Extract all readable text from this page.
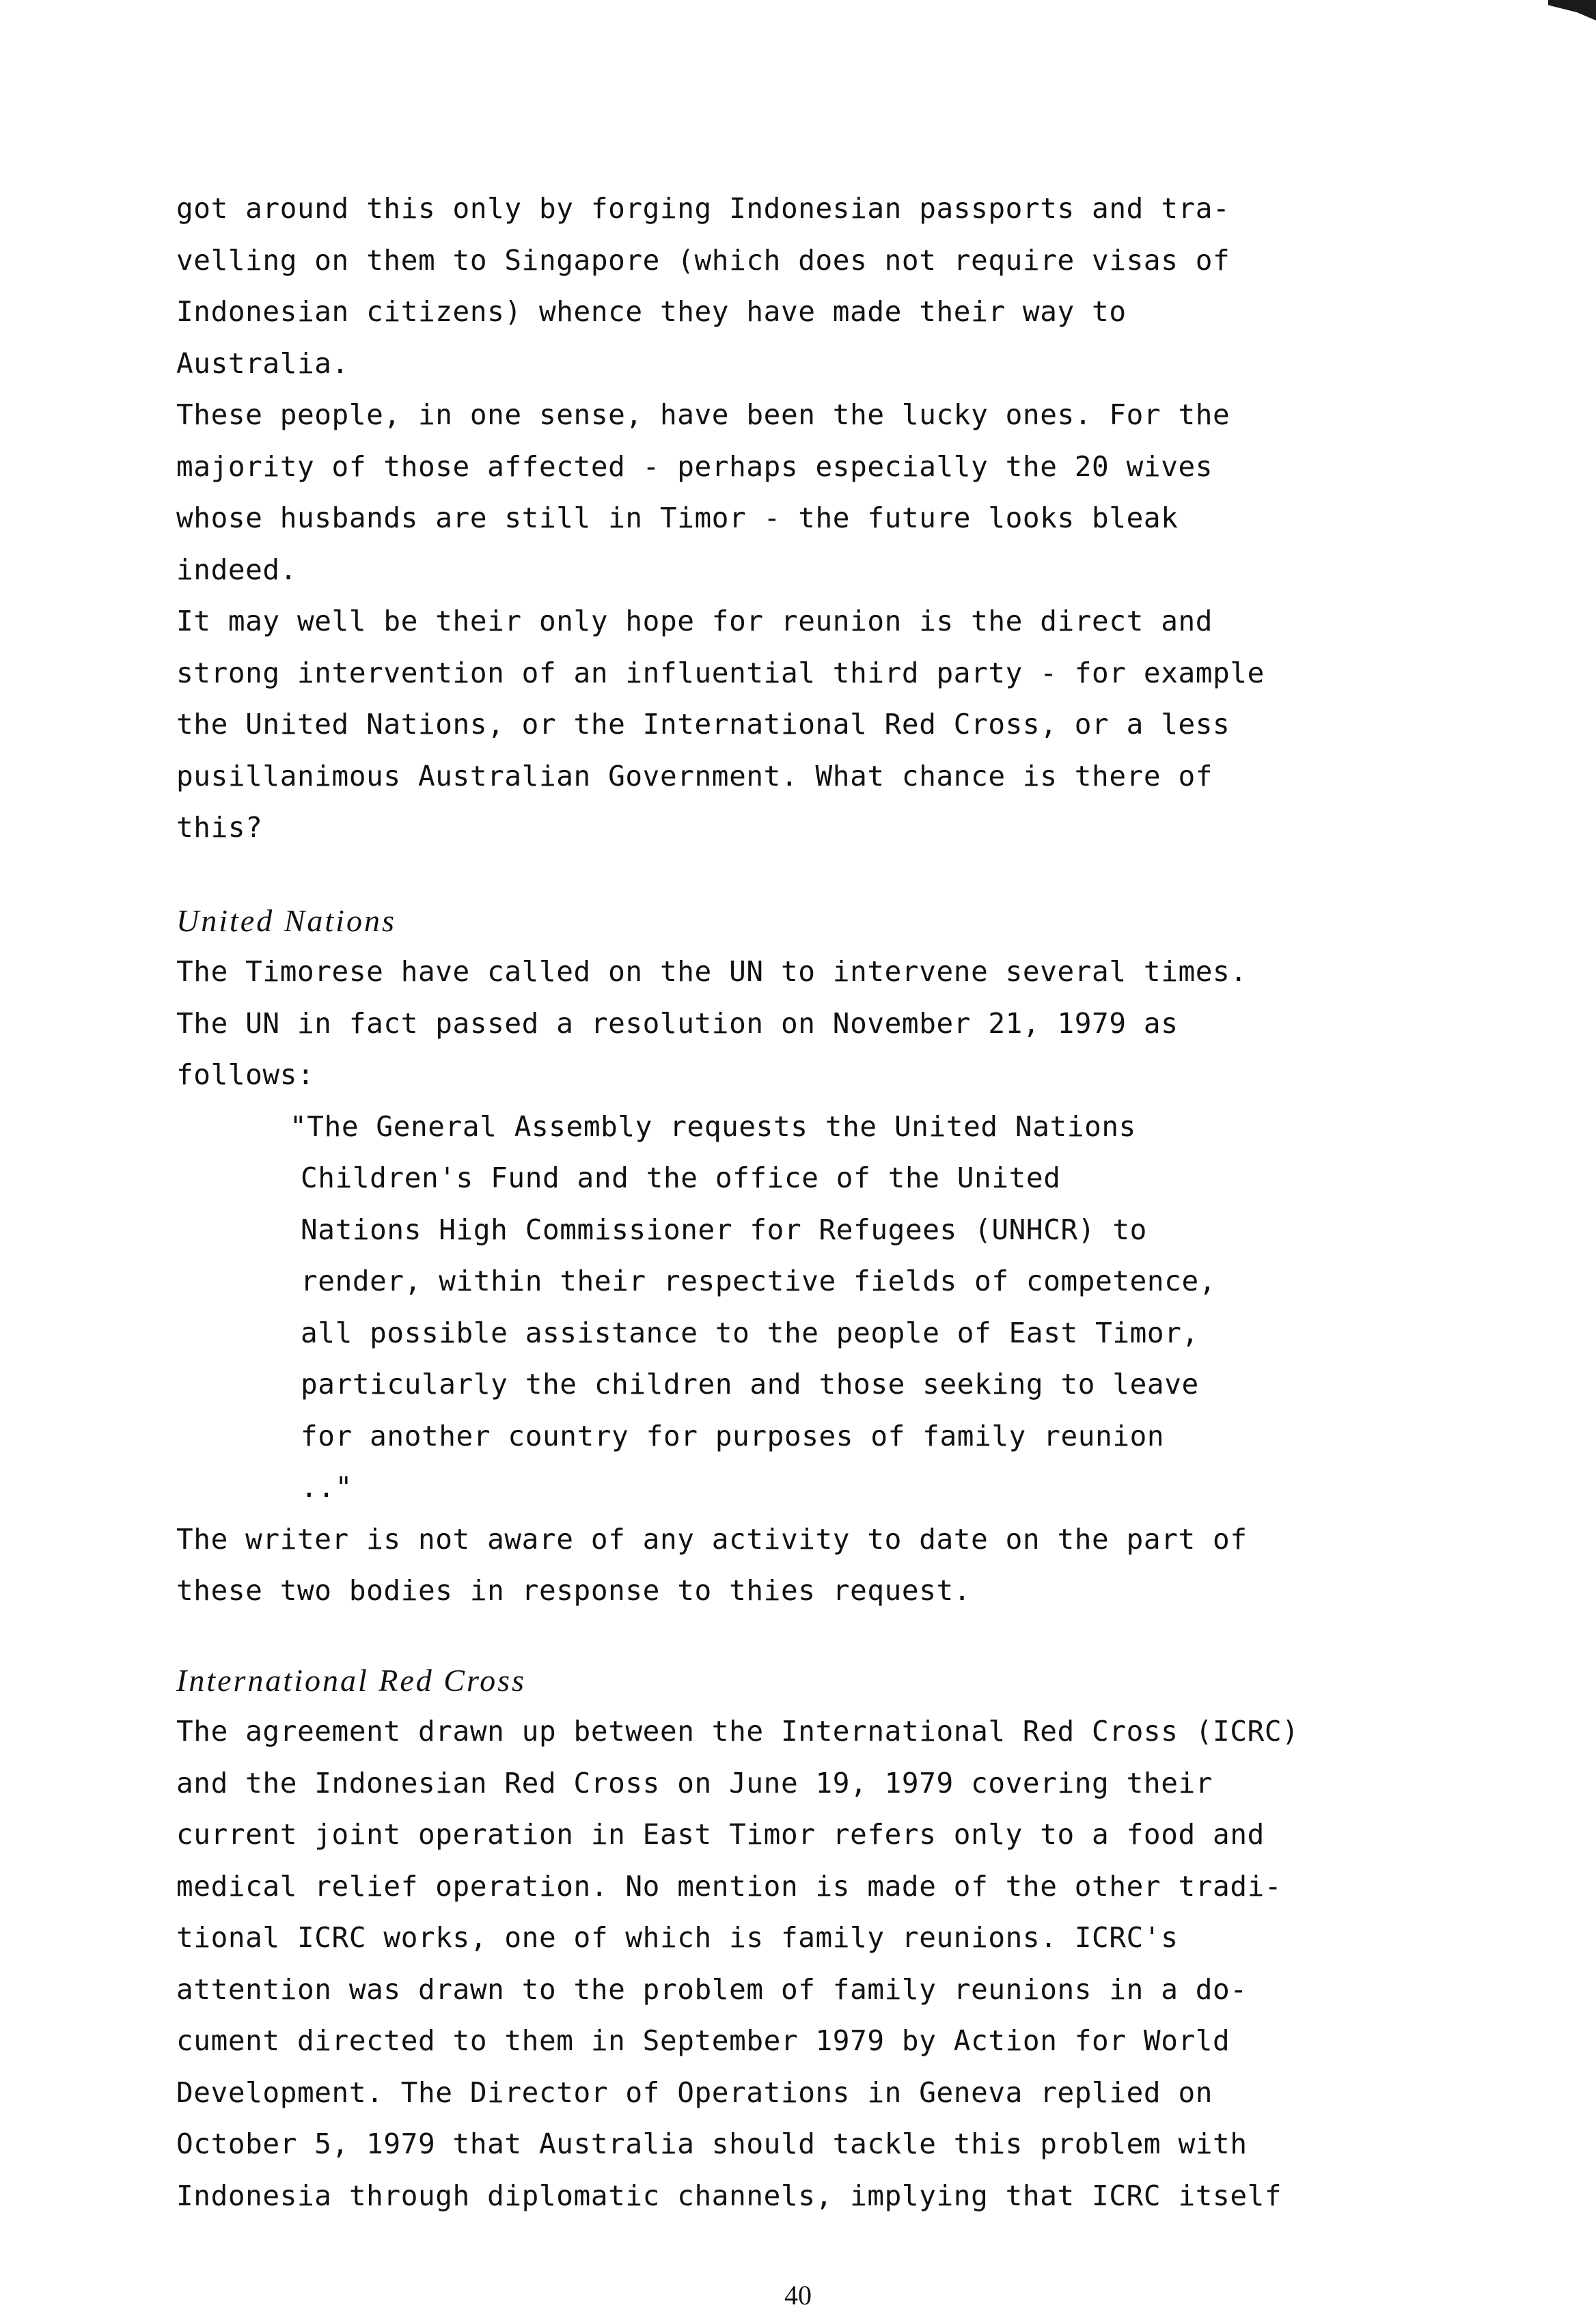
got around this only by forging Indonesian passports and tra-
velling on them to Singapore (which does not require visas of
Indonesian citizens) whence they have made their way to
Australia.
These people, in one sense, have been the lucky ones. For the
majority of those affected - perhaps especially the 20 wives
whose husbands are still in Timor - the future looks bleak
indeed.
It may well be their only hope for reunion is the direct and
strong intervention of an influential third party - for example
the United Nations, or the International Red Cross, or a less
pusillanimous Australian Government. What chance is there of
this?
United Nations
The Timorese have called on the UN to intervene several times.
The UN in fact passed a resolution on November 21, 1979 as
follows:
"The General Assembly requests the United Nations
Children's Fund and the office of the United
Nations High Commissioner for Refugees (UNHCR) to
render, within their respective fields of competence,
all possible assistance to the people of East Timor,
particularly the children and those seeking to leave
for another country for purposes of family reunion
.."
The writer is not aware of any activity to date on the part of
these two bodies in response to thies request.
International Red Cross
The agreement drawn up between the International Red Cross (ICRC)
and the Indonesian Red Cross on June 19, 1979 covering their
current joint operation in East Timor refers only to a food and
medical relief operation. No mention is made of the other tradi-
tional ICRC works, one of which is family reunions. ICRC's
attention was drawn to the problem of family reunions in a do-
cument directed to them in September 1979 by Action for World
Development. The Director of Operations in Geneva replied on
October 5, 1979 that Australia should tackle this problem with
Indonesia through diplomatic channels, implying that ICRC itself
40
